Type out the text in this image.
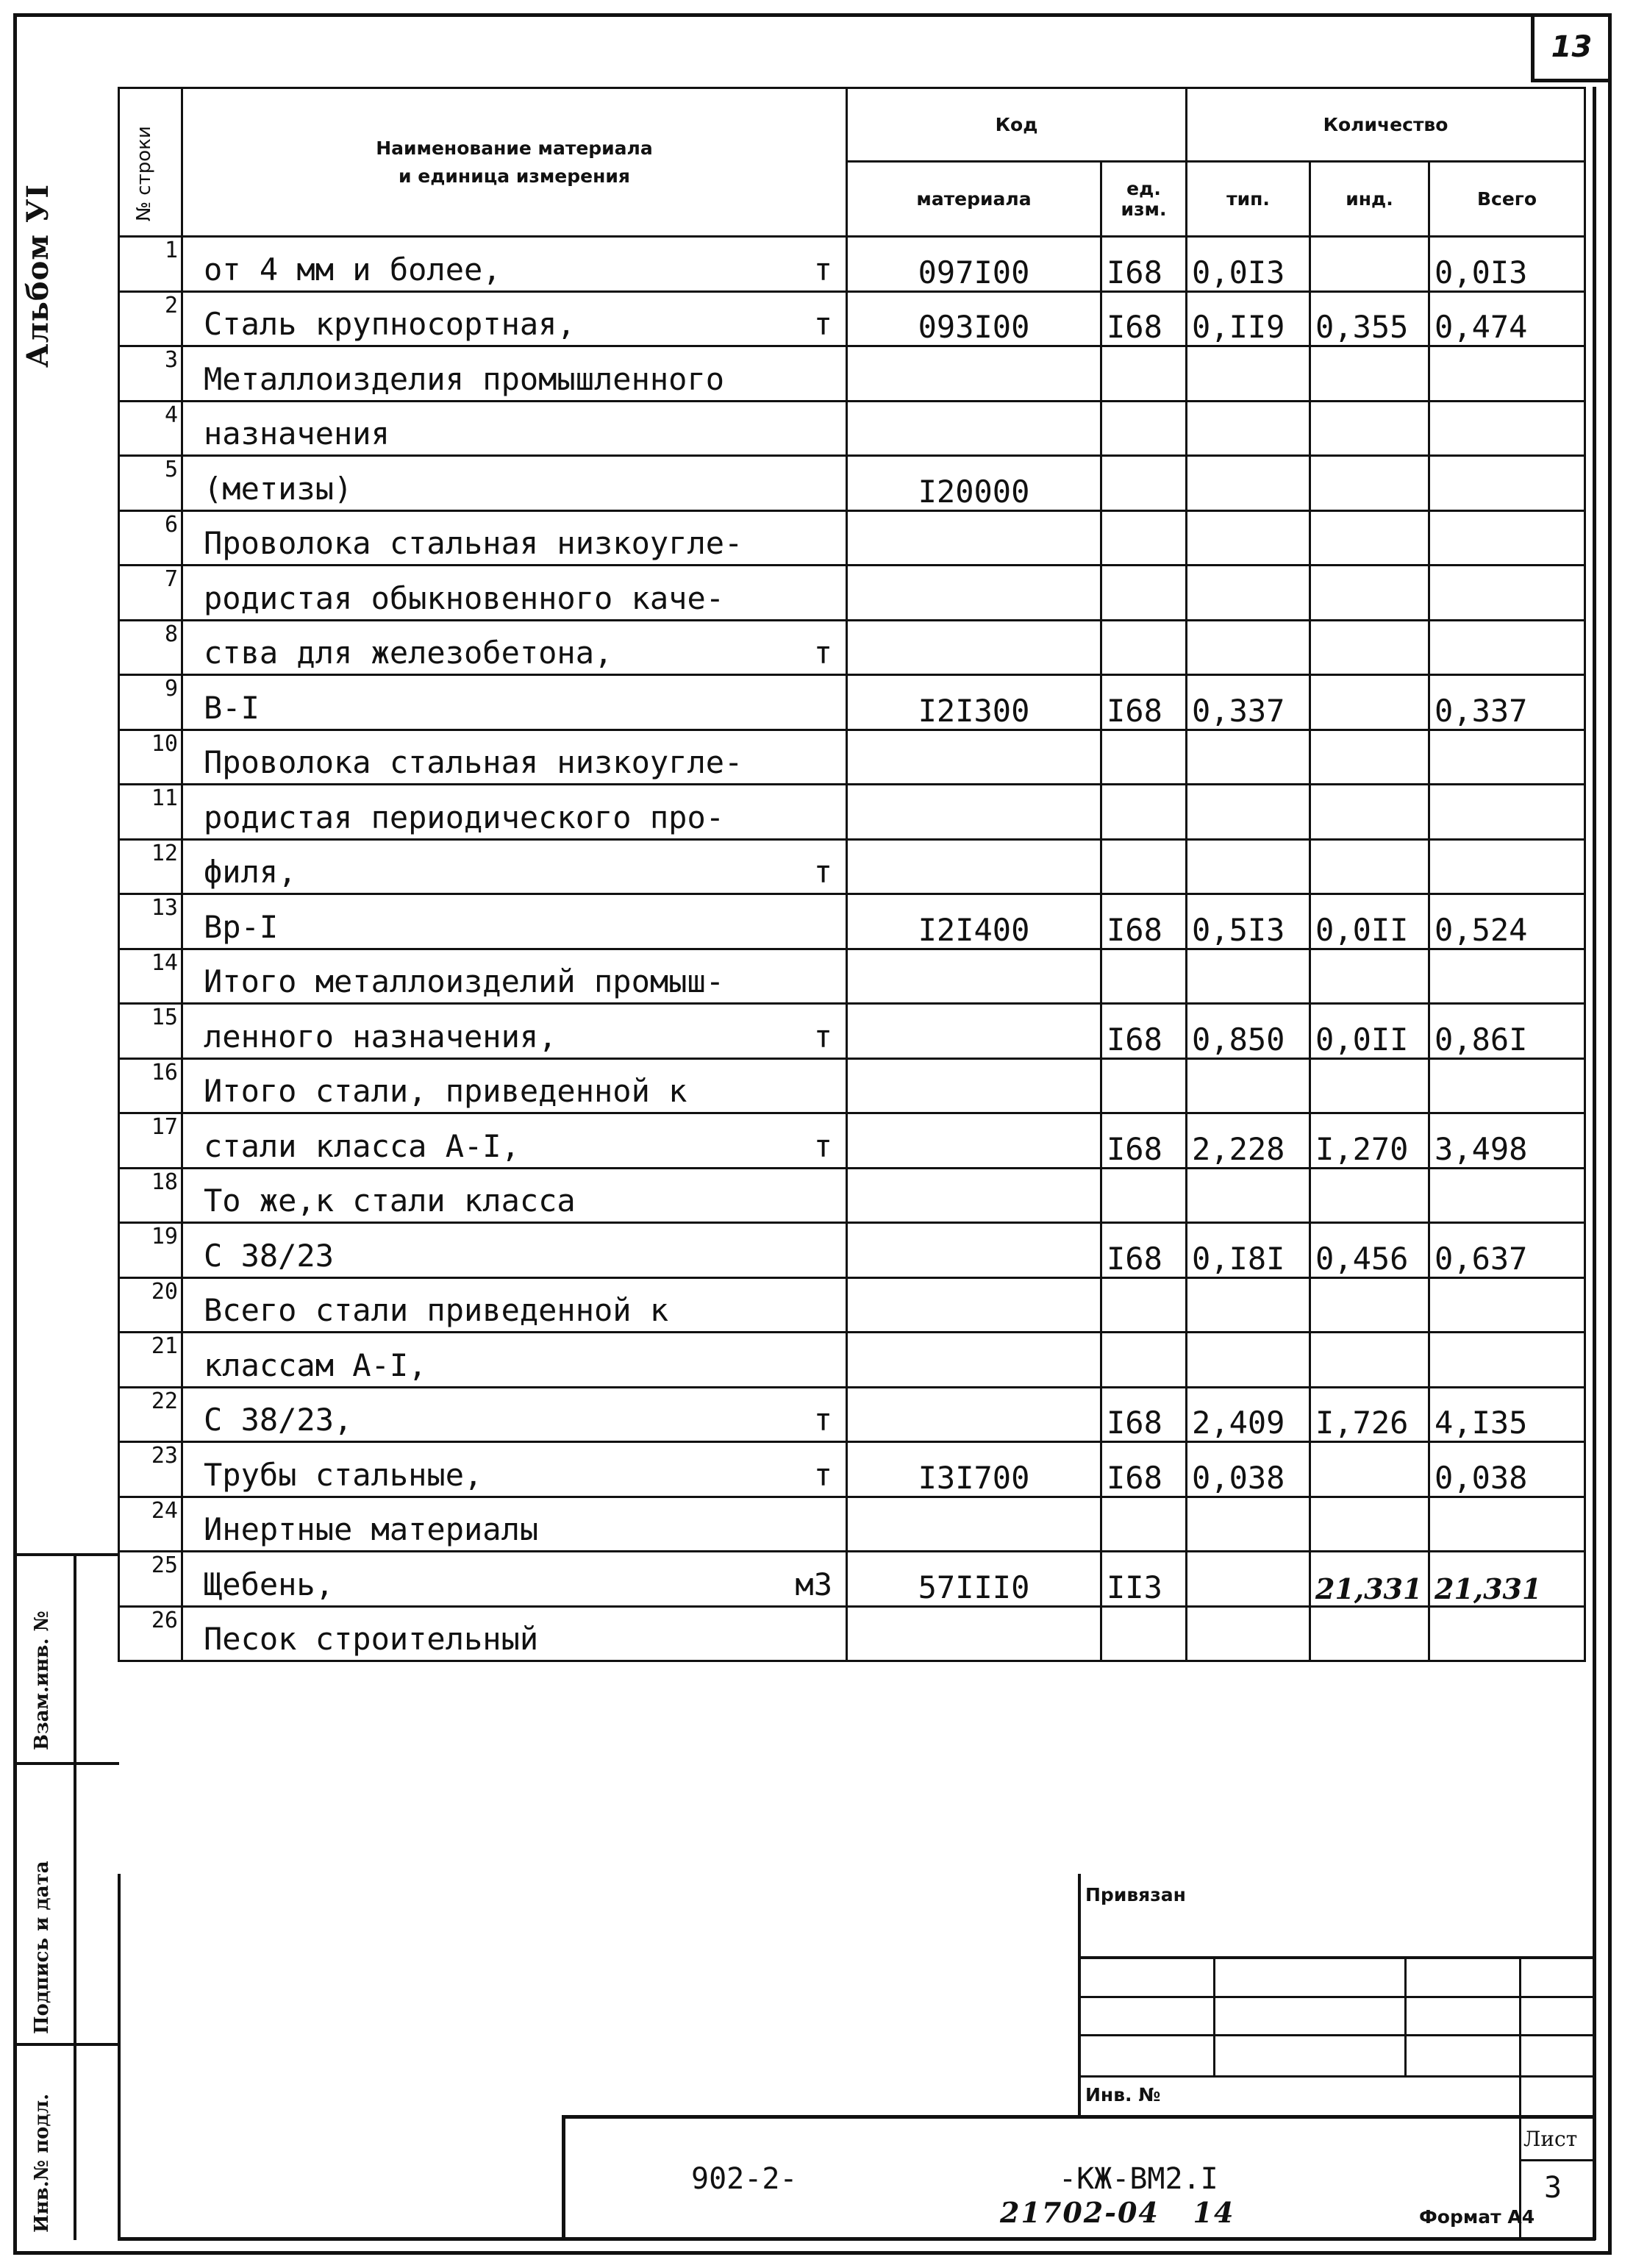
13
Альбом УI
№ строки	Наименование материала
и единица измерения	Код		Количество		
		материала	ед.
изм.	тип.	инд.	Всего
1	от 4 мм и более, т	097I00	I68	0,0I3		0,0I3
2	Сталь крупносортная, т	093I00	I68	0,II9	0,355	0,474
3	Металлоизделия промышленного					

4	назначения					

5	(метизы)	I20000				
6	Проволока стальная низкоугле-					

7	родистая обыкновенного каче-					

8	ства для железобетона, т					

9	В-I	I2I300	I68	0,337		0,337
10	Проволока стальная низкоугле-					

11	родистая периодического про-					

12	филя, т					

13	Вр-I	I2I400	I68	0,5I3	0,0II	0,524
14	Итого металлоизделий промыш-					

15	ленного назначения, т		I68	0,850	0,0II	0,86I
16	Итого стали, приведенной к					

17	стали класса А-I, т		I68	2,228	I,270	3,498
18	То же,к стали класса					

19	С 38/23		I68	0,I8I	0,456	0,637
20	Всего стали приведенной к					

21	классам А-I,					

22	С 38/23, т		I68	2,409	I,726	4,I35
23	Трубы стальные, т	I3I700	I68	0,038		0,038
24	Инертные материалы					

25	Щебень, м3	57III0	II3		21,331	21,331
26	Песок строительный					

Взам.инв. №
Подпись и дата
Инв.№ подл.
Привязан
Инв. №
902-2-	-КЖ-ВМ2.I
Лист
3
21702-04   14	Формат А4
